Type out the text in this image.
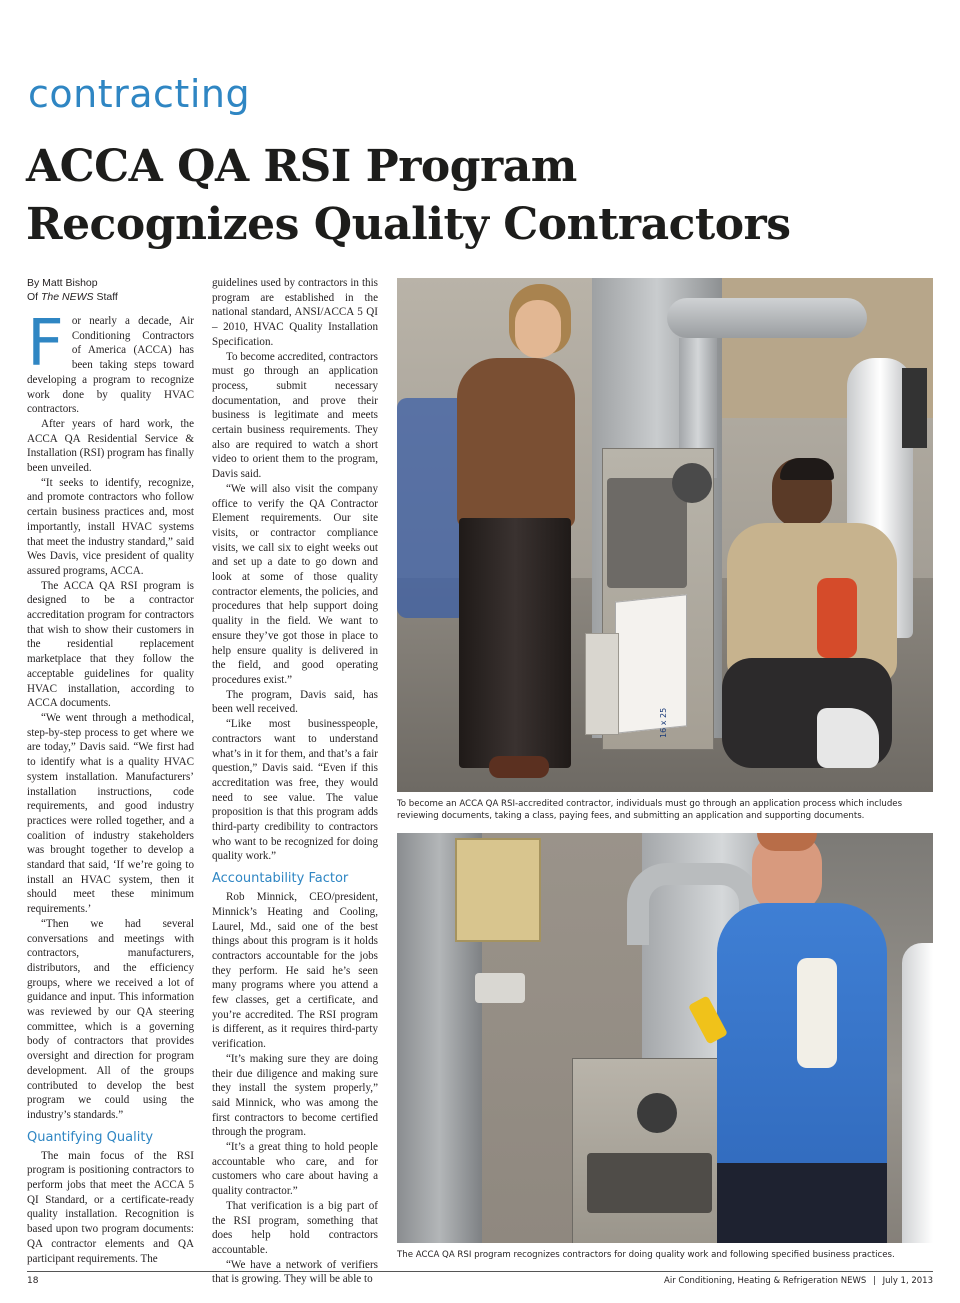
contracting
ACCA QA RSI Program
Recognizes Quality Contractors
By Matt Bishop
Of The NEWS Staff

For nearly a decade, Air Conditioning Contractors of America (ACCA) has been taking steps toward developing a program to recognize work done by quality HVAC contractors.

After years of hard work, the ACCA QA Residential Service & Installation (RSI) program has finally been unveiled.

“It seeks to identify, recognize, and promote contractors who follow certain business practices and, most importantly, install HVAC systems that meet the industry standard,” said Wes Davis, vice president of quality assured programs, ACCA.

The ACCA QA RSI program is designed to be a contractor accreditation program for contractors that wish to show their customers in the residential replacement marketplace that they follow the acceptable guidelines for quality HVAC installation, according to ACCA documents.

“We went through a methodical, step-by-step process to get where we are today,” Davis said. “We first had to identify what is a quality HVAC system installation. Manufacturers’ installation instructions, code requirements, and good industry practices were rolled together, and a coalition of industry stakeholders was brought together to develop a standard that said, ‘If we’re going to install an HVAC system, then it should meet these minimum requirements.’

“Then we had several conversations and meetings with contractors, manufacturers, distributors, and the efficiency groups, where we received a lot of guidance and input. This information was reviewed by our QA steering committee, which is a governing body of contractors that provides oversight and direction for program development. All of the groups contributed to develop the best program we could using the industry’s standards.”

Quantifying Quality

The main focus of the RSI program is positioning contractors to perform jobs that meet the ACCA 5 QI Standard, or a certificate-ready quality installation. Recognition is based upon two program documents: QA contractor elements and QA participant requirements. The

guidelines used by contractors in this program are established in the national standard, ANSI/ACCA 5 QI – 2010, HVAC Quality Installation Specification.

To become accredited, contractors must go through an application process, submit necessary documentation, and prove their business is legitimate and meets certain business requirements. They also are required to watch a short video to orient them to the program, Davis said.

“We will also visit the company office to verify the QA Contractor Element requirements. Our site visits, or contractor compliance visits, we call six to eight weeks out and set up a date to go down and look at some of those quality contractor elements, the policies, and procedures that help support doing quality in the field. We want to ensure they’ve got those in place to help ensure quality is delivered in the field, and good operating procedures exist.”

The program, Davis said, has been well received.

“Like most businesspeople, contractors want to understand what’s in it for them, and that’s a fair question,” Davis said. “Even if this accreditation was free, they would need to see value. The value proposition is that this program adds third-party credibility to contractors who want to be recognized for doing quality work.”

Accountability Factor

Rob Minnick, CEO/president, Minnick’s Heating and Cooling, Laurel, Md., said one of the best things about this program is it holds contractors accountable for the jobs they perform. He said he’s seen many programs where you attend a few classes, get a certificate, and you’re accredited. The RSI program is different, as it requires third-party verification.

“It’s making sure they are doing their due diligence and making sure they install the system properly,” said Minnick, who was among the first contractors to become certified through the program.

“It’s a great thing to hold people accountable who care, and for customers who care about having a quality contractor.”

That verification is a big part of the RSI program, something that does help hold contractors accountable.

“We have a network of verifiers that is growing. They will be able to

16 x 25
To become an ACCA QA RSI-accredited contractor, individuals must go through an application process which includes reviewing documents, taking a class, paying fees, and submitting an application and supporting documents.
The ACCA QA RSI program recognizes contractors for doing quality work and following specified business practices.
18	Air Conditioning, Heating & Refrigeration NEWS | July 1, 2013
